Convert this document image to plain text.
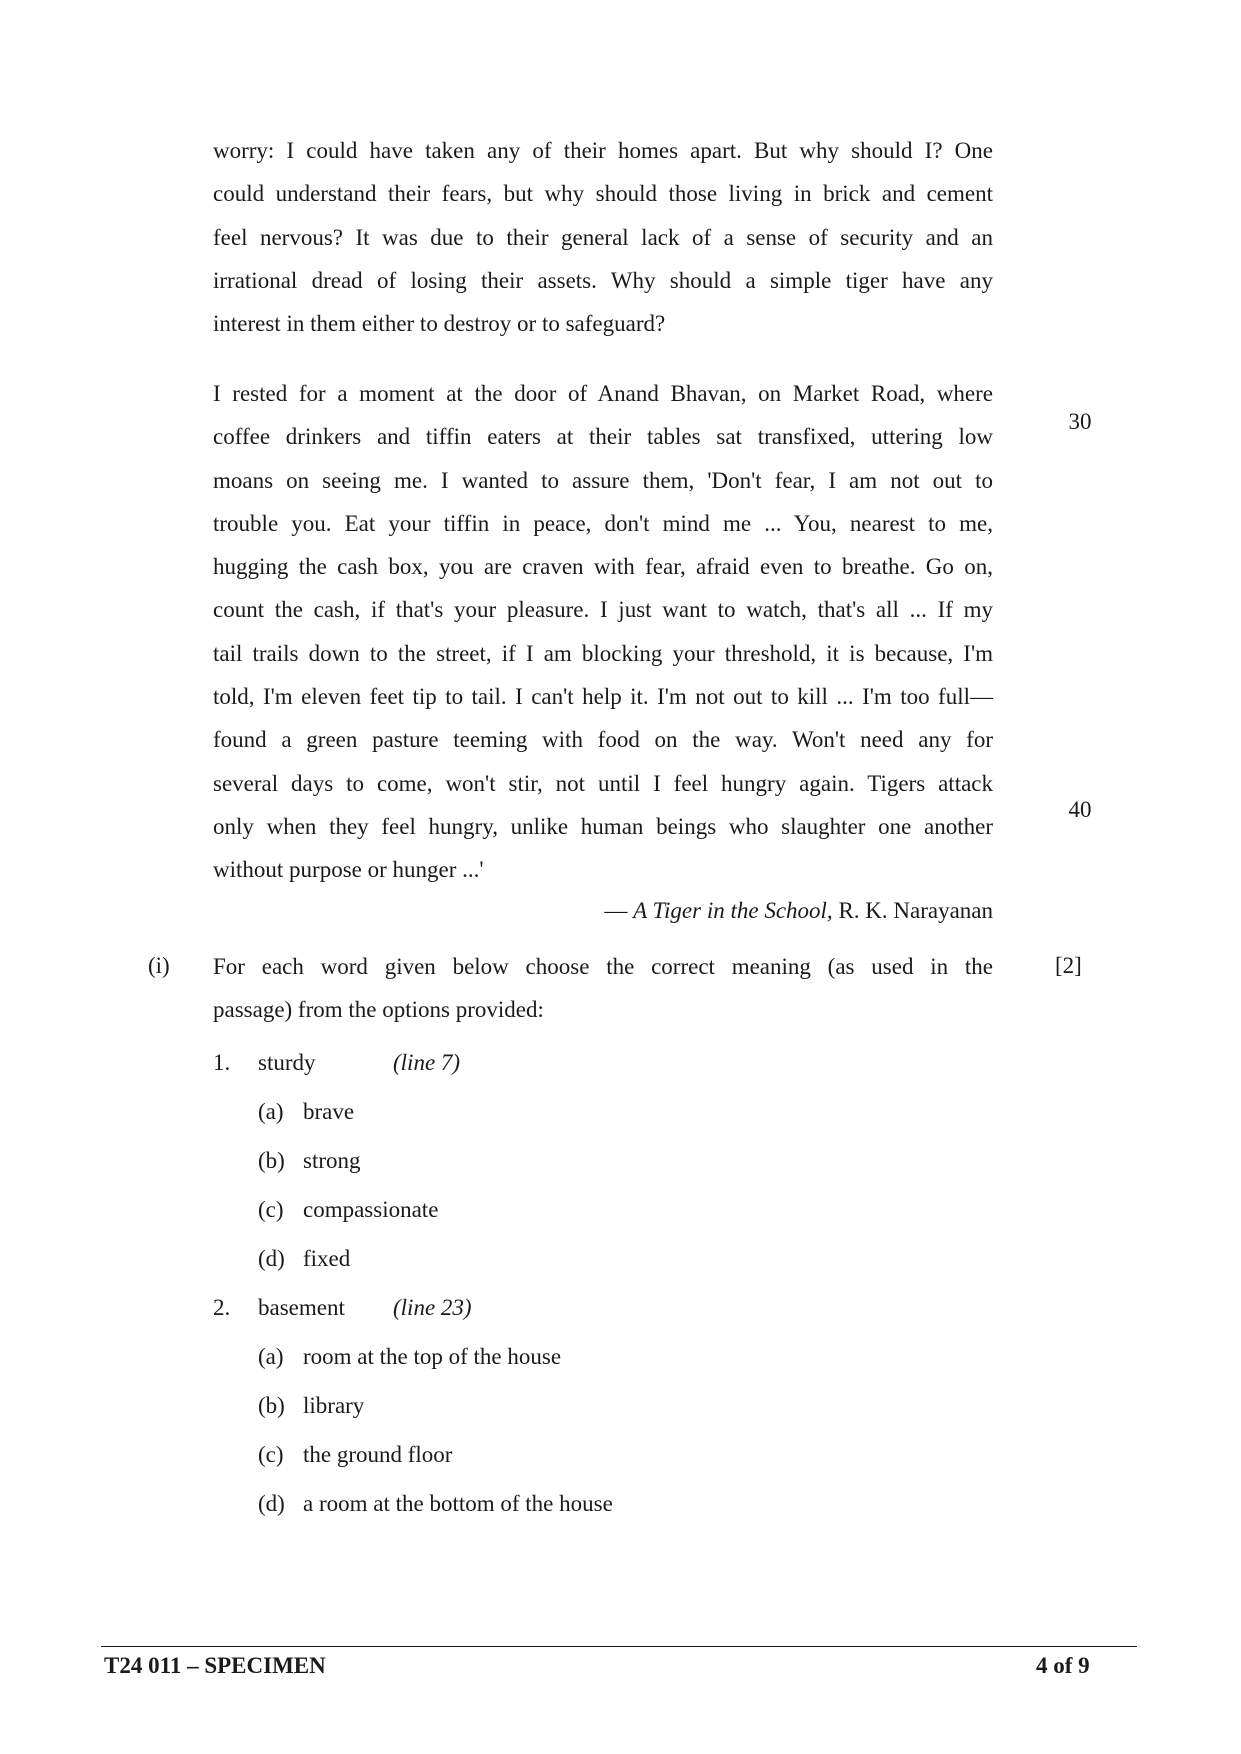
worry: I could have taken any of their homes apart. But why should I? One
could understand their fears, but why should those living in brick and cement
feel nervous? It was due to their general lack of a sense of security and an
irrational dread of losing their assets. Why should a simple tiger have any
interest in them either to destroy or to safeguard?
I rested for a moment at the door of Anand Bhavan, on Market Road, where
coffee drinkers and tiffin eaters at their tables sat transfixed, uttering low
moans on seeing me. I wanted to assure them, 'Don't fear, I am not out to
trouble you. Eat your tiffin in peace, don't mind me ... You, nearest to me,
hugging the cash box, you are craven with fear, afraid even to breathe. Go on,
count the cash, if that's your pleasure. I just want to watch, that's all ... If my
tail trails down to the street, if I am blocking your threshold, it is because, I'm
told, I'm eleven feet tip to tail. I can't help it. I'm not out to kill ... I'm too full—
found a green pasture teeming with food on the way. Won't need any for
several days to come, won't stir, not until I feel hungry again. Tigers attack
only when they feel hungry, unlike human beings who slaughter one another
without purpose or hunger ...'
30
40
— A Tiger in the School, R. K. Narayanan
(i)	[2]
For each word given below choose the correct meaning (as used in the
passage) from the options provided:
1. sturdy	(line 7)
(a) brave
(b) strong
(c) compassionate
(d) fixed
2. basement (line 23)
(a) room at the top of the house
(b) library
(c) the ground floor
(d) a room at the bottom of the house
T24 011 – SPECIMEN	4 of 9
